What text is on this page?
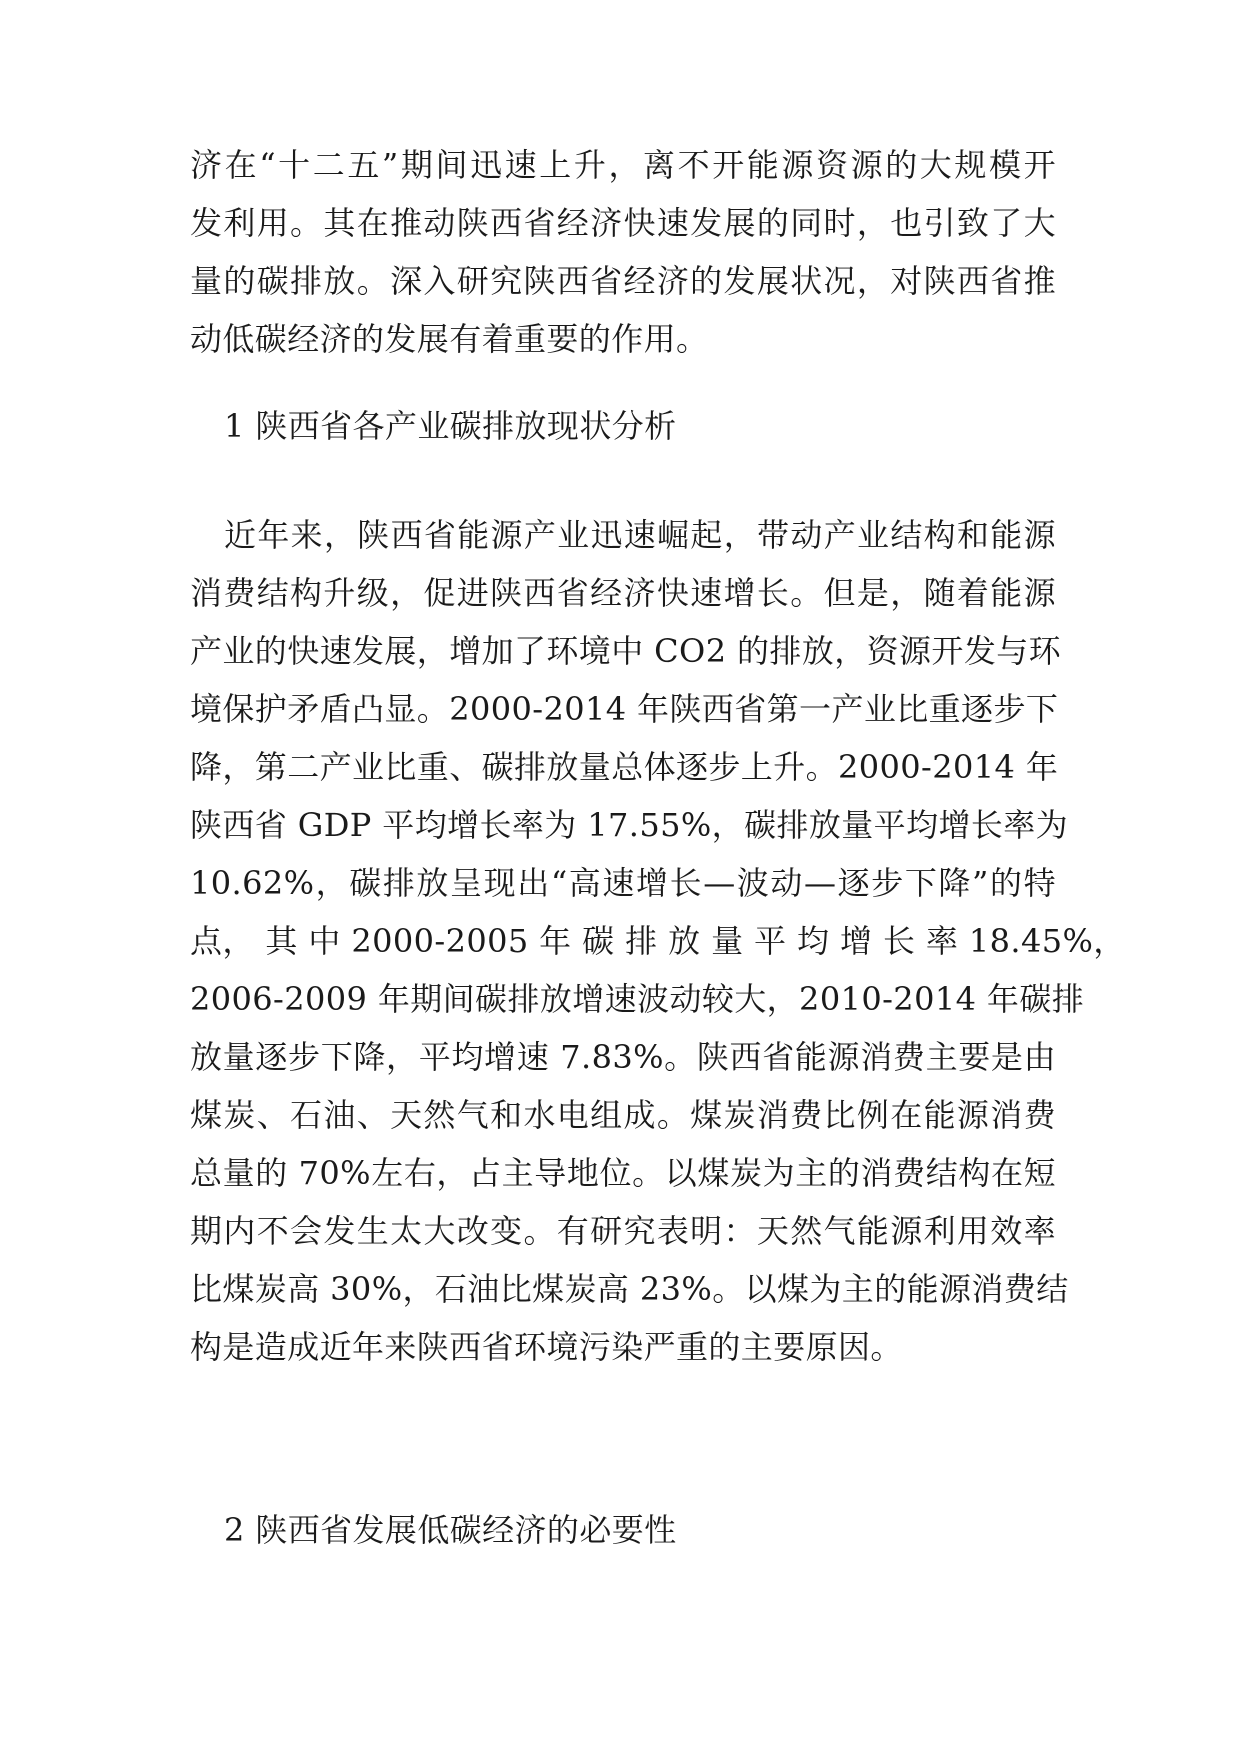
济在“十二五”期间迅速上升，离不开能源资源的大规模开
发利用。其在推动陕西省经济快速发展的同时，也引致了大
量的碳排放。深入研究陕西省经济的发展状况，对陕西省推
动低碳经济的发展有着重要的作用。
1 陕西省各产业碳排放现状分析
近年来，陕西省能源产业迅速崛起，带动产业结构和能源
消费结构升级，促进陕西省经济快速增长。但是，随着能源
产业的快速发展，增加了环境中 CO2 的排放，资源开发与环
境保护矛盾凸显。2000-2014 年陕西省第一产业比重逐步下
降，第二产业比重、碳排放量总体逐步上升。2000-2014 年
陕西省 GDP 平均增长率为 17.55%，碳排放量平均增长率为
10.62%，碳排放呈现出“高速增长—波动—逐步下降”的特
点， 其 中 2000-2005 年 碳 排 放 量 平 均 增 长 率 18.45%，
2006-2009 年期间碳排放增速波动较大，2010-2014 年碳排
放量逐步下降，平均增速 7.83%。陕西省能源消费主要是由
煤炭、石油、天然气和水电组成。煤炭消费比例在能源消费
总量的 70%左右，占主导地位。以煤炭为主的消费结构在短
期内不会发生太大改变。有研究表明：天然气能源利用效率
比煤炭高 30%，石油比煤炭高 23%。以煤为主的能源消费结
构是造成近年来陕西省环境污染严重的主要原因。
2 陕西省发展低碳经济的必要性
